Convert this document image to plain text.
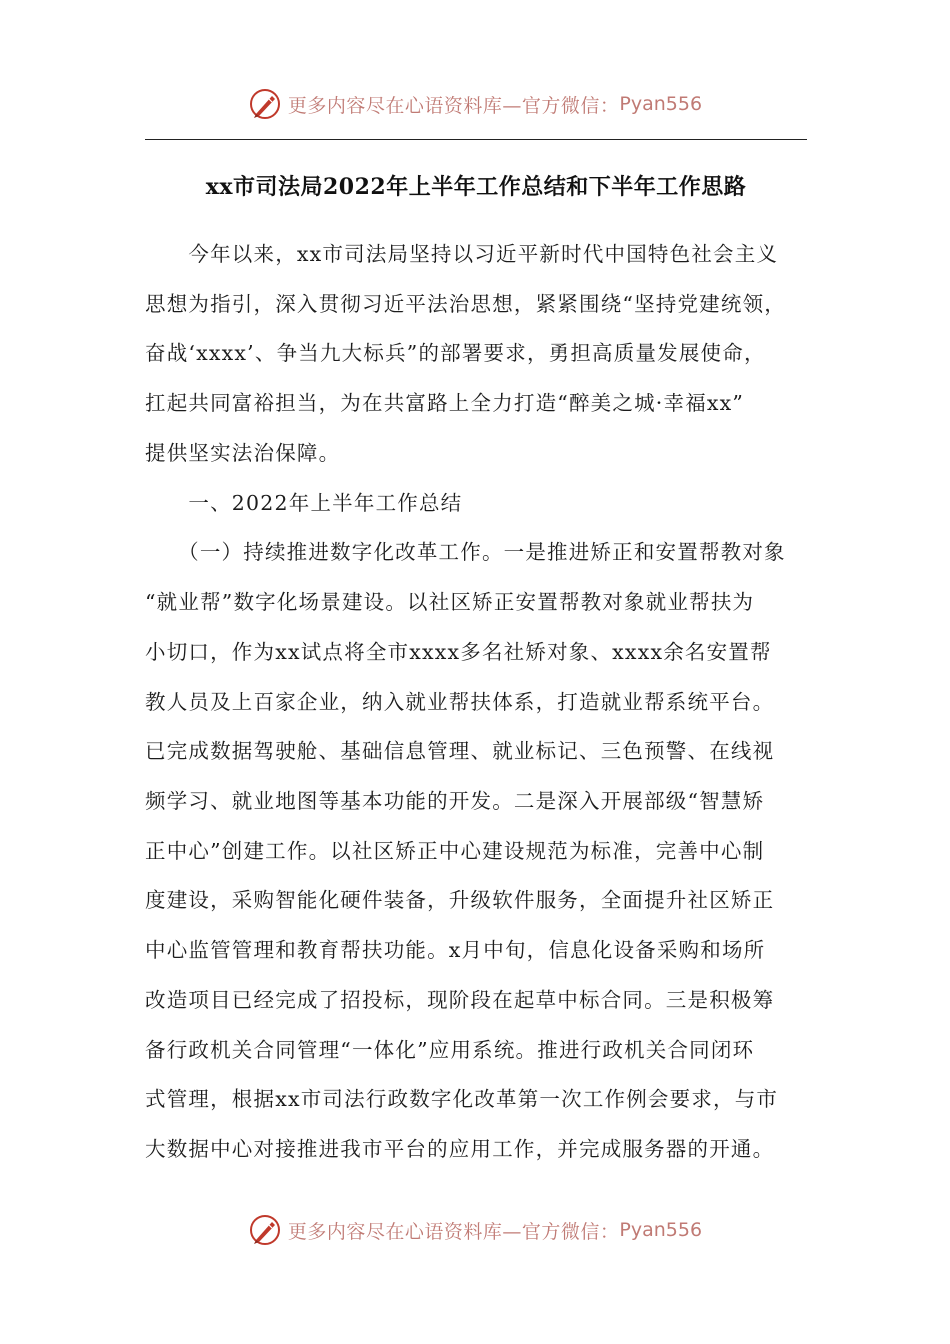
更多内容尽在心语资料库—官方微信： Pyan556
xx市司法局2022年上半年工作总结和下半年工作思路
　　今年以来，xx市司法局坚持以习近平新时代中国特色社会主义
思想为指引，深入贯彻习近平法治思想，紧紧围绕“坚持党建统领，
奋战‘xxxx’、争当九大标兵”的部署要求，勇担高质量发展使命，
扛起共同富裕担当，为在共富路上全力打造“醉美之城·幸福xx”
提供坚实法治保障。
　　一、2022年上半年工作总结
　　（一）持续推进数字化改革工作。一是推进矫正和安置帮教对象
“就业帮”数字化场景建设。以社区矫正安置帮教对象就业帮扶为
小切口，作为xx试点将全市xxxx多名社矫对象、xxxx余名安置帮
教人员及上百家企业，纳入就业帮扶体系，打造就业帮系统平台。
已完成数据驾驶舱、基础信息管理、就业标记、三色预警、在线视
频学习、就业地图等基本功能的开发。二是深入开展部级“智慧矫
正中心”创建工作。以社区矫正中心建设规范为标准，完善中心制
度建设，采购智能化硬件装备，升级软件服务，全面提升社区矫正
中心监管管理和教育帮扶功能。x月中旬，信息化设备采购和场所
改造项目已经完成了招投标，现阶段在起草中标合同。三是积极筹
备行政机关合同管理“一体化”应用系统。推进行政机关合同闭环
式管理，根据xx市司法行政数字化改革第一次工作例会要求，与市
大数据中心对接推进我市平台的应用工作，并完成服务器的开通。
更多内容尽在心语资料库—官方微信： Pyan556
